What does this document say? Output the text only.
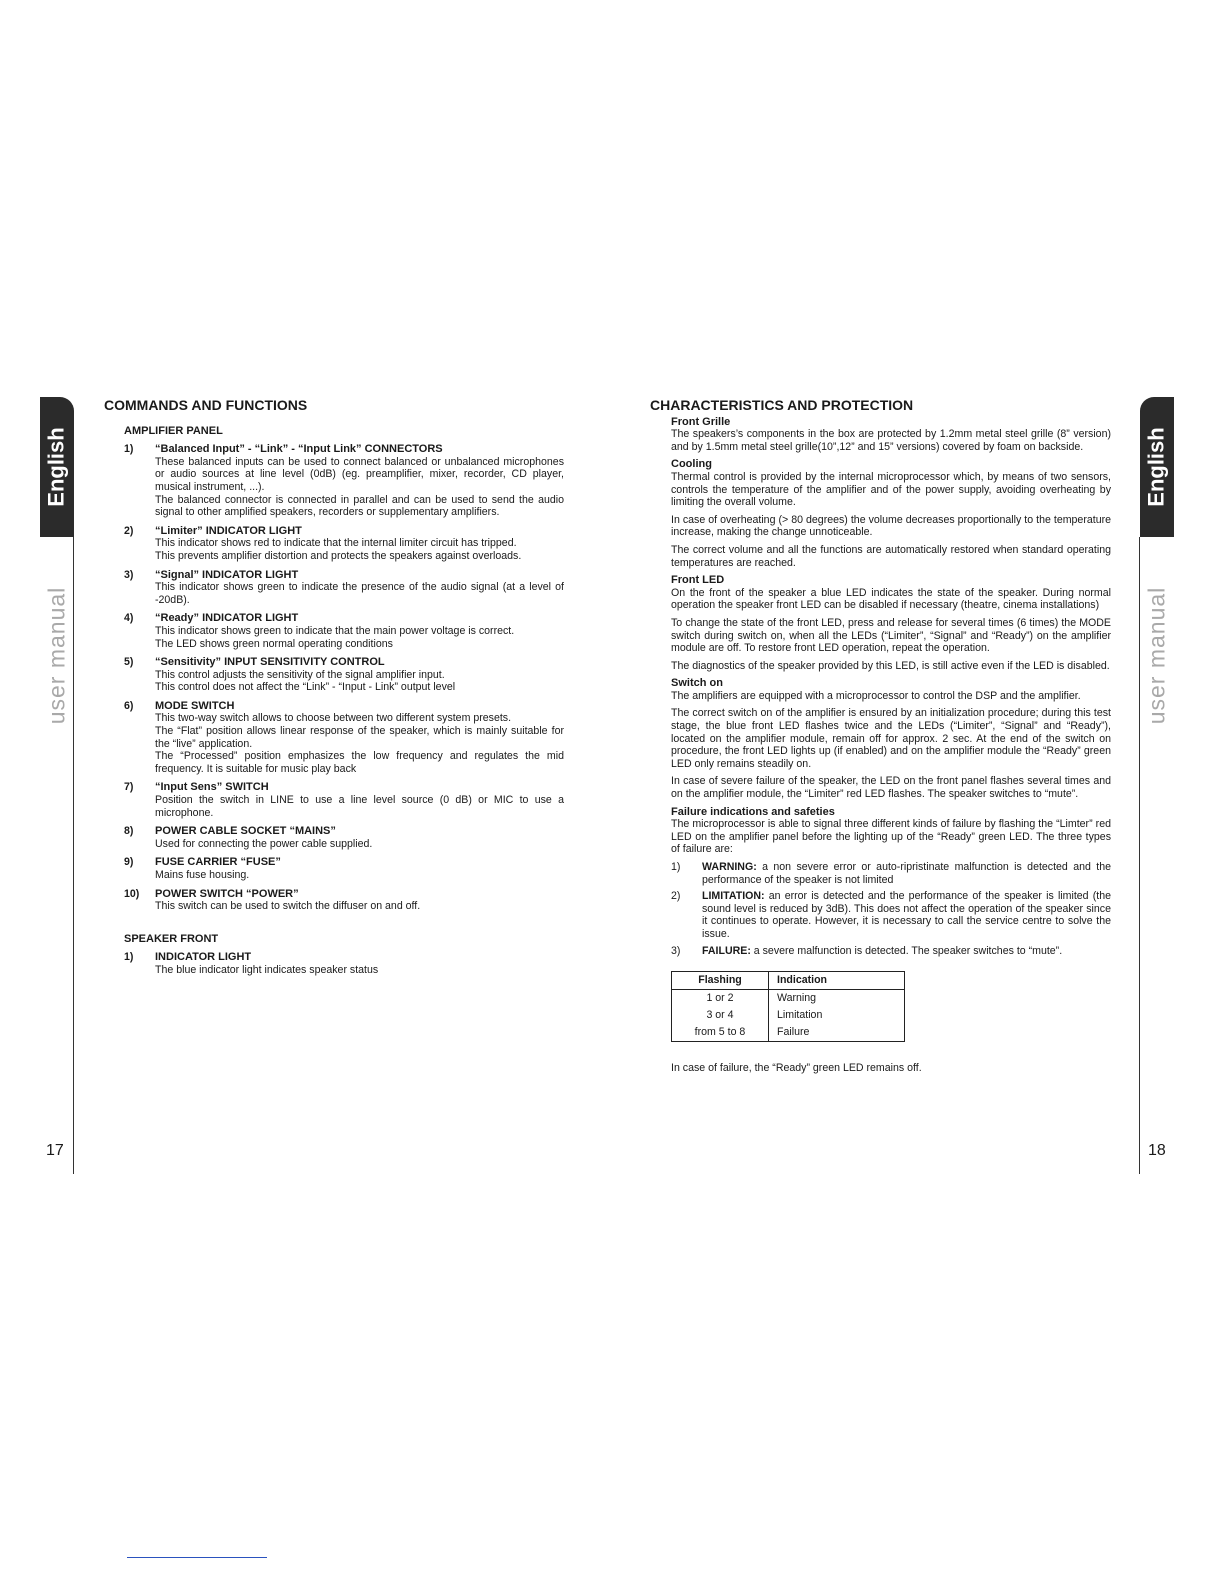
English
user manual
17
English
user manual
18
COMMANDS AND FUNCTIONS
AMPLIFIER PANEL
1)	“Balanced Input” - “Link” - “Input Link” CONNECTORS
These balanced inputs can be used to connect balanced or unbalanced microphones or audio sources at line level (0dB) (eg. preamplifier, mixer, recorder, CD player, musical instrument, ...).
The balanced connector is connected in parallel and can be used to send the audio signal to other amplified speakers, recorders or supplementary amplifiers.
2)	“Limiter” INDICATOR LIGHT
This indicator shows red to indicate that the internal limiter circuit has tripped.
This prevents amplifier distortion and protects the speakers against overloads.
3)	“Signal” INDICATOR LIGHT
This indicator shows green to indicate the presence of the audio signal (at a level of -20dB).
4)	“Ready” INDICATOR LIGHT
This indicator shows green to indicate that the main power voltage is correct.
The LED shows green normal operating conditions
5)	“Sensitivity” INPUT SENSITIVITY CONTROL
This control adjusts the sensitivity of the signal amplifier input.
This control does not affect the “Link” - “Input - Link” output level
6)	MODE SWITCH
This two-way switch allows to choose between two different system presets.
The “Flat” position allows linear response of the speaker, which is mainly suitable for the “live” application.
The “Processed” position emphasizes the low frequency and regulates the mid frequency. It is suitable for music play back
7)	“Input Sens” SWITCH
Position the switch in LINE to use a line level source (0 dB) or MIC to use a microphone.
8)	POWER CABLE SOCKET “MAINS”
Used for connecting the power cable supplied.
9)	FUSE CARRIER “FUSE”
Mains fuse housing.
10)	POWER SWITCH “POWER”
This switch can be used to switch the diffuser on and off.
SPEAKER FRONT
1)	INDICATOR LIGHT
The blue indicator light indicates speaker status
CHARACTERISTICS AND PROTECTION
Front Grille
The speakers’s components in the box are protected by 1.2mm metal steel grille (8” version) and by 1.5mm metal steel grille(10”,12” and 15” versions) covered by foam on backside.
Cooling
Thermal control is provided by the internal microprocessor which, by means of two sensors, controls the temperature of the amplifier and of the power supply, avoiding overheating by limiting the overall volume.
In case of overheating (> 80 degrees) the volume decreases proportionally to the temperature increase, making the change unnoticeable.
The correct volume and all the functions are automatically restored when standard operating temperatures are reached.
Front LED
On the front of the speaker a blue LED indicates the state of the speaker. During normal operation the speaker front LED can be disabled if necessary (theatre, cinema installations)
To change the state of the front LED, press and release for several times (6 times) the MODE switch during switch on, when all the LEDs (“Limiter”, “Signal” and “Ready”) on the amplifier module are off. To restore front LED operation, repeat the operation.
The diagnostics of the speaker provided by this LED, is still active even if the LED is disabled.
Switch on
The amplifiers are equipped with a microprocessor to control the DSP and the amplifier.
The correct switch on of the amplifier is ensured by an initialization procedure; during this test stage, the blue front LED flashes twice and the LEDs (“Limiter”, “Signal” and “Ready”), located on the amplifier module, remain off for approx. 2 sec. At the end of the switch on procedure, the front LED lights up (if enabled) and on the amplifier module the “Ready” green LED only remains steadily on.
In case of severe failure of the speaker, the LED on the front panel flashes several times and on the amplifier module, the “Limiter” red LED flashes. The speaker switches to “mute”.
Failure indications and safeties
The microprocessor is able to signal three different kinds of failure by flashing the “Limter” red LED on the amplifier panel before the lighting up of the “Ready” green LED. The three types of failure are:
1)	WARNING: a non severe error or auto-ripristinate malfunction is detected and the performance of the speaker is not limited
2)	LIMITATION: an error is detected and the performance of the speaker is limited (the sound level is reduced by 3dB). This does not affect the operation of the speaker since it continues to operate. However, it is necessary to call the service centre to solve the issue.
3)	FAILURE: a severe malfunction is detected. The speaker switches to “mute”.
Flashing	Indication
1 or 2	Warning
3 or 4	Limitation
from 5 to 8	Failure
In case of failure, the “Ready” green LED remains off.
